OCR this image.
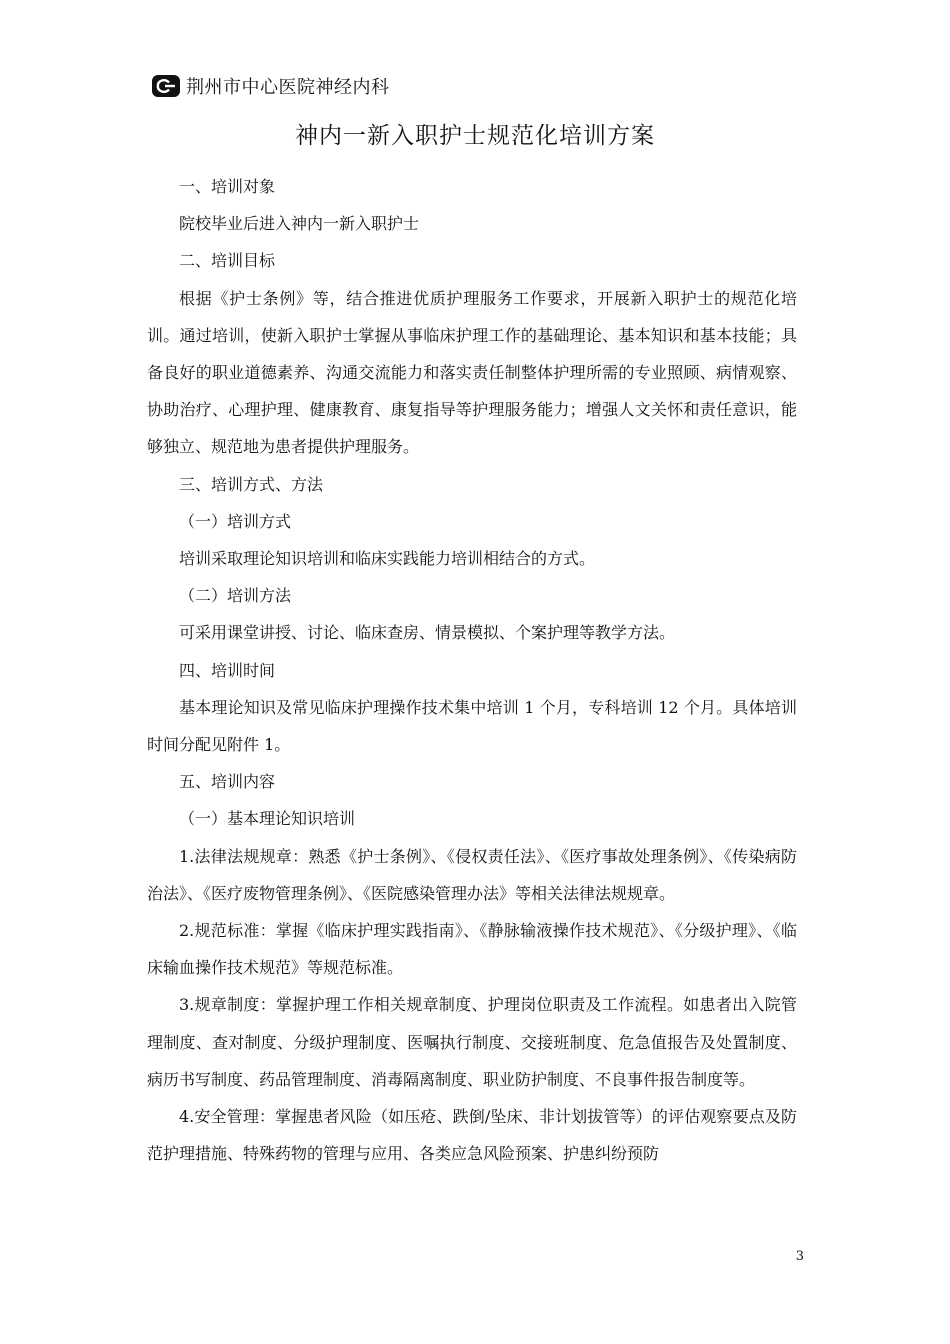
荆州市中心医院神经内科
神内一新入职护士规范化培训方案

一、培训对象

院校毕业后进入神内一新入职护士

二、培训目标

根据《护士条例》等，结合推进优质护理服务工作要求，开展新入职护士的规范化培训。通过培训，使新入职护士掌握从事临床护理工作的基础理论、基本知识和基本技能；具备良好的职业道德素养、沟通交流能力和落实责任制整体护理所需的专业照顾、病情观察、协助治疗、心理护理、健康教育、康复指导等护理服务能力；增强人文关怀和责任意识，能够独立、规范地为患者提供护理服务。

三、培训方式、方法

（一）培训方式

培训采取理论知识培训和临床实践能力培训相结合的方式。

（二）培训方法

可采用课堂讲授、讨论、临床查房、情景模拟、个案护理等教学方法。

四、培训时间

基本理论知识及常见临床护理操作技术集中培训 1 个月，专科培训 12 个月。具体培训时间分配见附件 1。

五、培训内容

（一）基本理论知识培训

1.法律法规规章：熟悉《护士条例》、《侵权责任法》、《医疗事故处理条例》、《传染病防治法》、《医疗废物管理条例》、《医院感染管理办法》等相关法律法规规章。

2.规范标准：掌握《临床护理实践指南》、《静脉输液操作技术规范》、《分级护理》、《临床输血操作技术规范》等规范标准。

3.规章制度：掌握护理工作相关规章制度、护理岗位职责及工作流程。如患者出入院管理制度、查对制度、分级护理制度、医嘱执行制度、交接班制度、危急值报告及处置制度、病历书写制度、药品管理制度、消毒隔离制度、职业防护制度、不良事件报告制度等。

4.安全管理：掌握患者风险（如压疮、跌倒/坠床、非计划拔管等）的评估观察要点及防范护理措施、特殊药物的管理与应用、各类应急风险预案、护患纠纷预防

3
